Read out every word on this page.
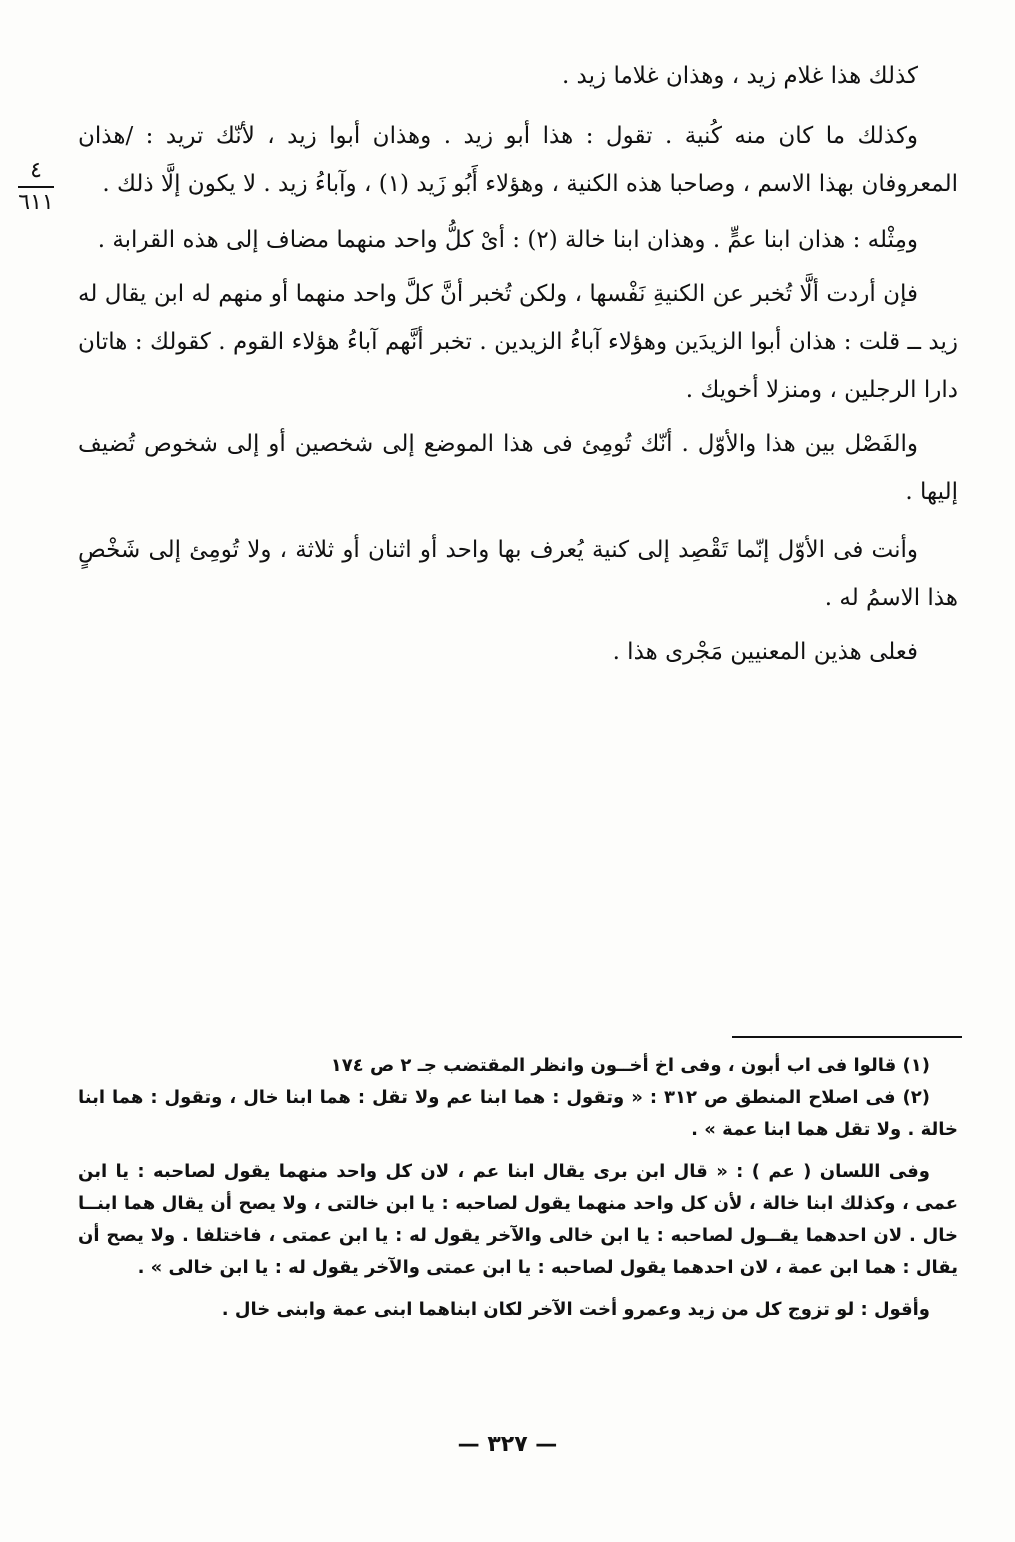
٤
٦١١

كذلك هذا غلام زيد ، وهذان غلاما زيد .

وكذلك ما كان منه كُنية . تقول : هذا أبو زيد . وهذان أبوا زيد ، لأنّك تريد : /هذان المعروفان بهذا الاسم ، وصاحبا هذه الكنية ، وهؤلاء أَبُو زَيد (١) ، وآباءُ زيد . لا يكون إلَّا ذلك .

ومِثْله : هذان ابنا عمٍّ . وهذان ابنا خالة (٢) : أىْ كلُّ واحد منهما مضاف إلى هذه القرابة .

فإن أردت ألَّا تُخبر عن الكنيةِ نَفْسها ، ولكن تُخبر أنَّ كلَّ واحد منهما أو منهم له ابن يقال له زيد ــ قلت : هذان أبوا الزيدَين وهؤلاء آباءُ الزيدين . تخبر أنَّهم آباءُ هؤلاء القوم . كقولك : هاتان دارا الرجلين ، ومنزلا أخويك .

والفَصْل بين هذا والأوّل . أنّك تُومِئ فى هذا الموضع إلى شخصين أو إلى شخوص تُضيف إليها .

وأنت فى الأوّل إنّما تَقْصِد إلى كنية يُعرف بها واحد أو اثنان أو ثلاثة ، ولا تُومِئ إلى شَخْصٍ هذا الاسمُ له .

فعلى هذين المعنيين مَجْرى هذا .

(١) قالوا فى اب أبون ، وفى اخ أخــون وانظر المقتضب جـ ٢ ص ١٧٤

(٢) فى اصلاح المنطق ص ٣١٢ : « وتقول : هما ابنا عم ولا تقل : هما ابنا خال ، وتقول : هما ابنا خالة . ولا تقل هما ابنا عمة » .

وفى اللسان ( عم ) : « قال ابن برى يقال ابنا عم ، لان كل واحد منهما يقول لصاحبه : يا ابن عمى ، وكذلك ابنا خالة ، لأن كل واحد منهما يقول لصاحبه : يا ابن خالتى ، ولا يصح أن يقال هما ابنــا خال . لان احدهما يقــول لصاحبه : يا ابن خالى والآخر يقول له : يا ابن عمتى ، فاختلفا . ولا يصح أن يقال : هما ابن عمة ، لان احدهما يقول لصاحبه : يا ابن عمتى والآخر يقول له : يا ابن خالى » .

وأقول : لو تزوج كل من زيد وعمرو أخت الآخر لكان ابناهما ابنى عمة وابنى خال .

— ٣٢٧ —
